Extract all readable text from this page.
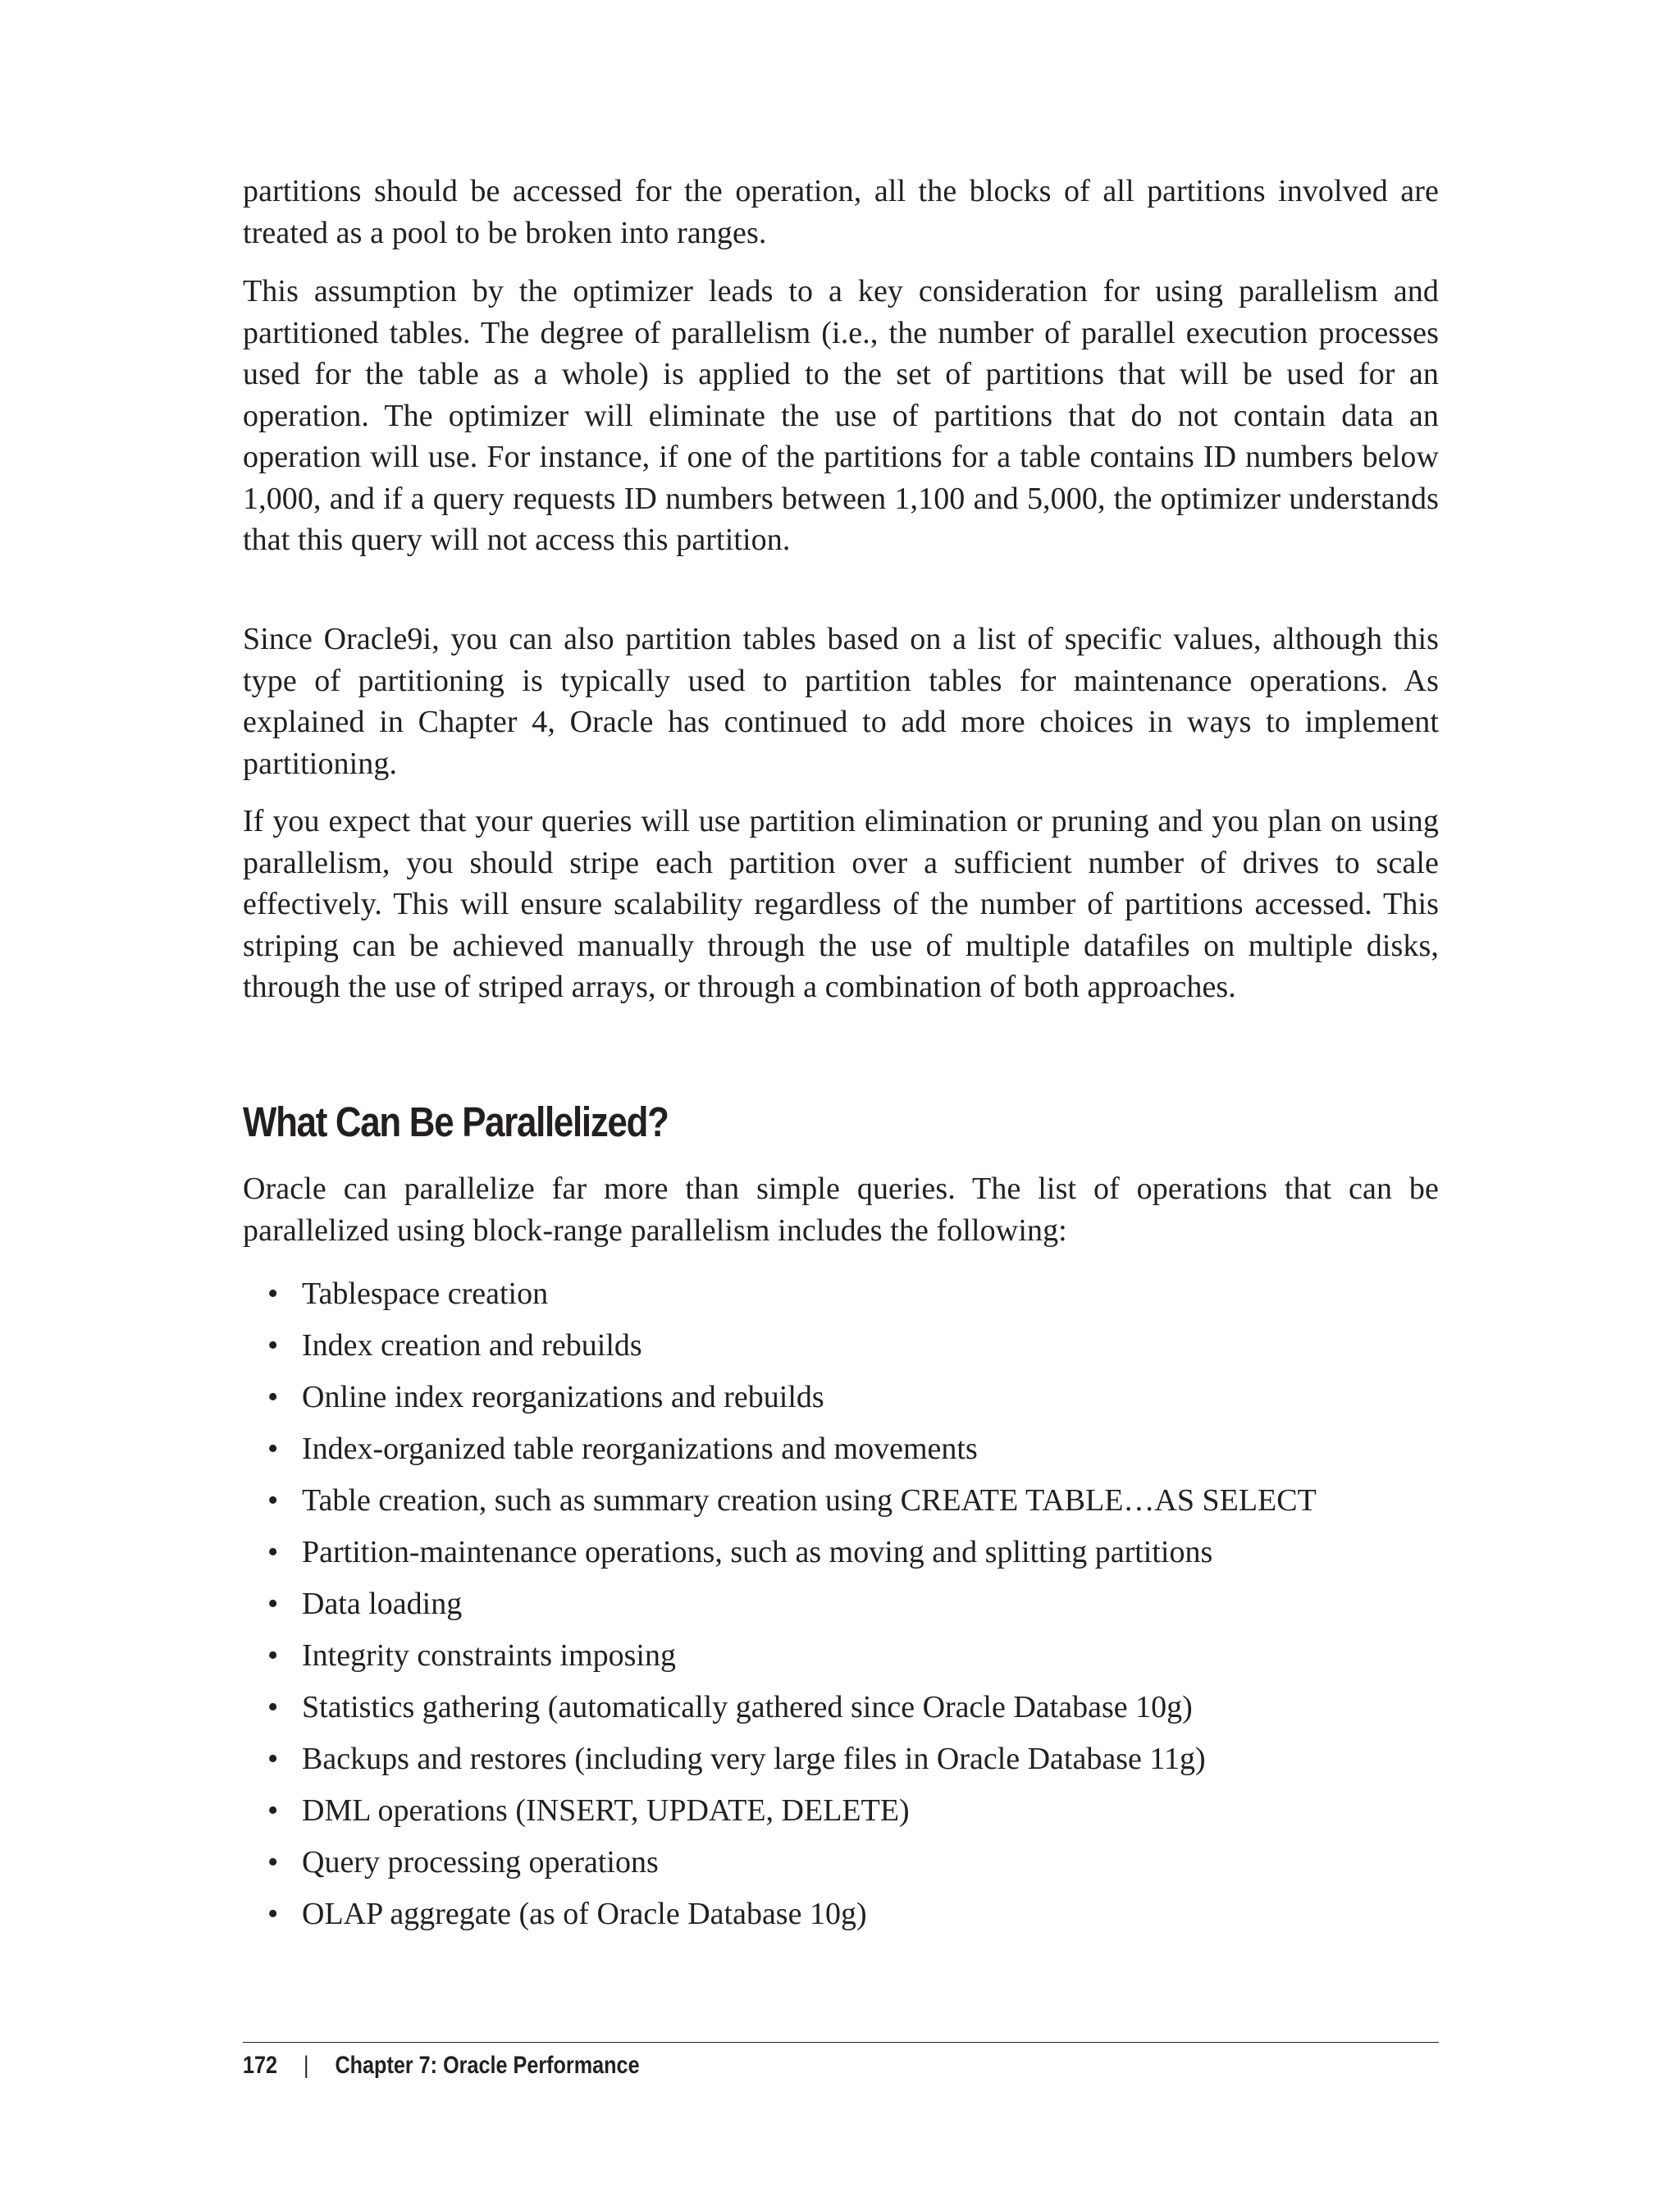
partitions should be accessed for the operation, all the blocks of all partitions involved are treated as a pool to be broken into ranges.

This assumption by the optimizer leads to a key consideration for using parallelism and partitioned tables. The degree of parallelism (i.e., the number of parallel execution processes used for the table as a whole) is applied to the set of partitions that will be used for an operation. The optimizer will eliminate the use of partitions that do not contain data an operation will use. For instance, if one of the partitions for a table contains ID numbers below 1,000, and if a query requests ID numbers between 1,100 and 5,000, the optimizer understands that this query will not access this partition.

Since Oracle9i, you can also partition tables based on a list of specific values, although this type of partitioning is typically used to partition tables for maintenance operations. As explained in Chapter 4, Oracle has continued to add more choices in ways to implement partitioning.

If you expect that your queries will use partition elimination or pruning and you plan on using parallelism, you should stripe each partition over a sufficient number of drives to scale effectively. This will ensure scalability regardless of the number of partitions accessed. This striping can be achieved manually through the use of multiple datafiles on multiple disks, through the use of striped arrays, or through a combination of both approaches.

What Can Be Parallelized?

Oracle can parallelize far more than simple queries. The list of operations that can be parallelized using block-range parallelism includes the following:

• Tablespace creation
• Index creation and rebuilds
• Online index reorganizations and rebuilds
• Index-organized table reorganizations and movements
• Table creation, such as summary creation using CREATE TABLE…AS SELECT
• Partition-maintenance operations, such as moving and splitting partitions
• Data loading
• Integrity constraints imposing
• Statistics gathering (automatically gathered since Oracle Database 10g)
• Backups and restores (including very large files in Oracle Database 11g)
• DML operations (INSERT, UPDATE, DELETE)
• Query processing operations
• OLAP aggregate (as of Oracle Database 10g)
172 | Chapter 7: Oracle Performance
